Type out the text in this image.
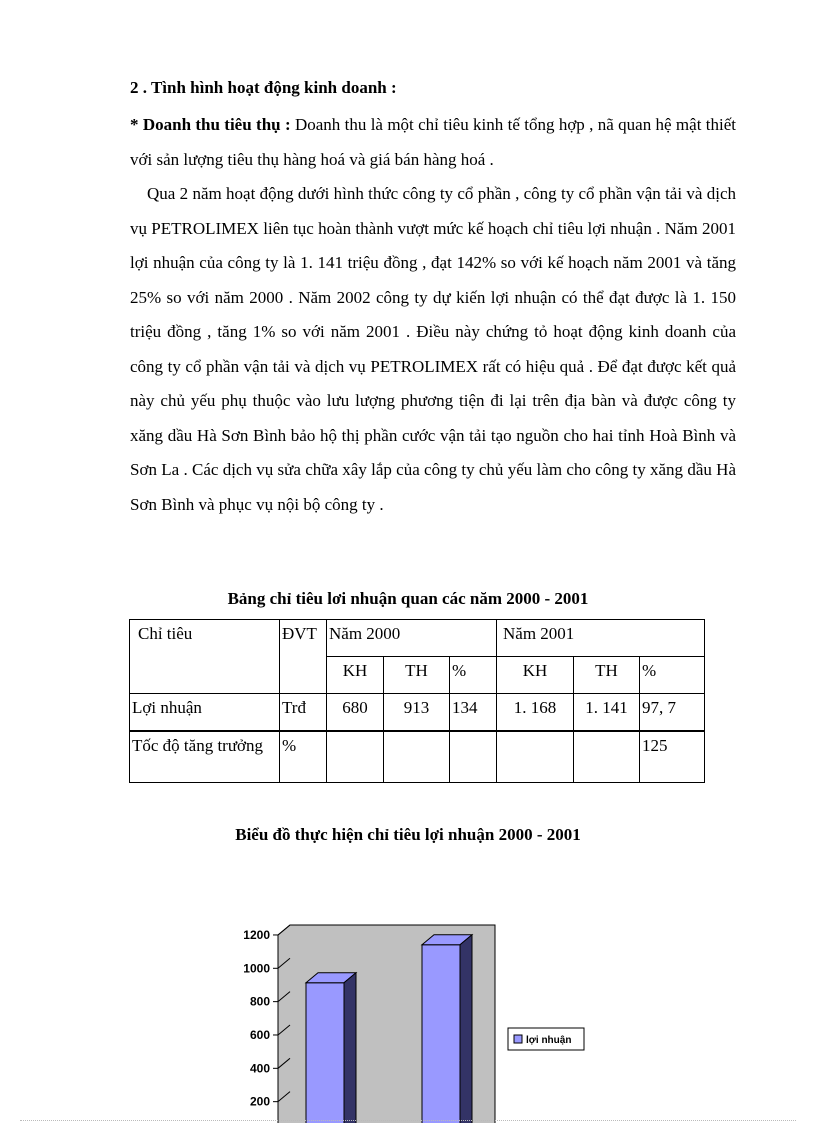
2 . Tình hình hoạt động kinh doanh :
* Doanh thu tiêu thụ : Doanh thu là một chỉ tiêu kinh tế tổng hợp , nã quan hệ mật thiết với sản lượng tiêu thụ hàng hoá và giá bán hàng hoá .
Qua 2 năm hoạt động dưới hình thức công ty cổ phần , công ty cổ phần vận tải và dịch vụ PETROLIMEX liên tục hoàn thành vượt mức kế hoạch chỉ tiêu lợi nhuận . Năm 2001 lợi nhuận của công ty là 1. 141 triệu đồng , đạt 142% so với kế hoạch năm 2001 và tăng 25% so với năm 2000 . Năm 2002 công ty dự kiến lợi nhuận có thể đạt được là 1. 150 triệu đồng , tăng 1% so với năm 2001 . Điều này chứng tỏ hoạt động kinh doanh của công ty cổ phần vận tải và dịch vụ PETROLIMEX rất có hiệu quả . Để đạt được kết quả này chủ yếu phụ thuộc vào lưu lượng phương tiện đi lại trên địa bàn và được công ty xăng dầu Hà Sơn Bình bảo hộ thị phần cước vận tải tạo nguồn cho hai tỉnh Hoà Bình và Sơn La . Các dịch vụ sửa chữa xây lắp của công ty chủ yếu làm cho công ty xăng dầu Hà Sơn Bình và phục vụ nội bộ công ty .
Bảng chỉ tiêu lơi nhuận quan các năm 2000 - 2001
Chỉ tiêu	ĐVT	Năm 2000			Năm 2001		
		KH	TH	%	KH	TH	%
Lợi nhuận	Trđ	680	913	134	1. 168	1. 141	97, 7
Tốc độ tăng trưởng	%						125
Biểu đồ thực hiện chỉ tiêu lợi nhuận 2000 - 2001
200
400
600
800
1000
1200
lợi nhuận
